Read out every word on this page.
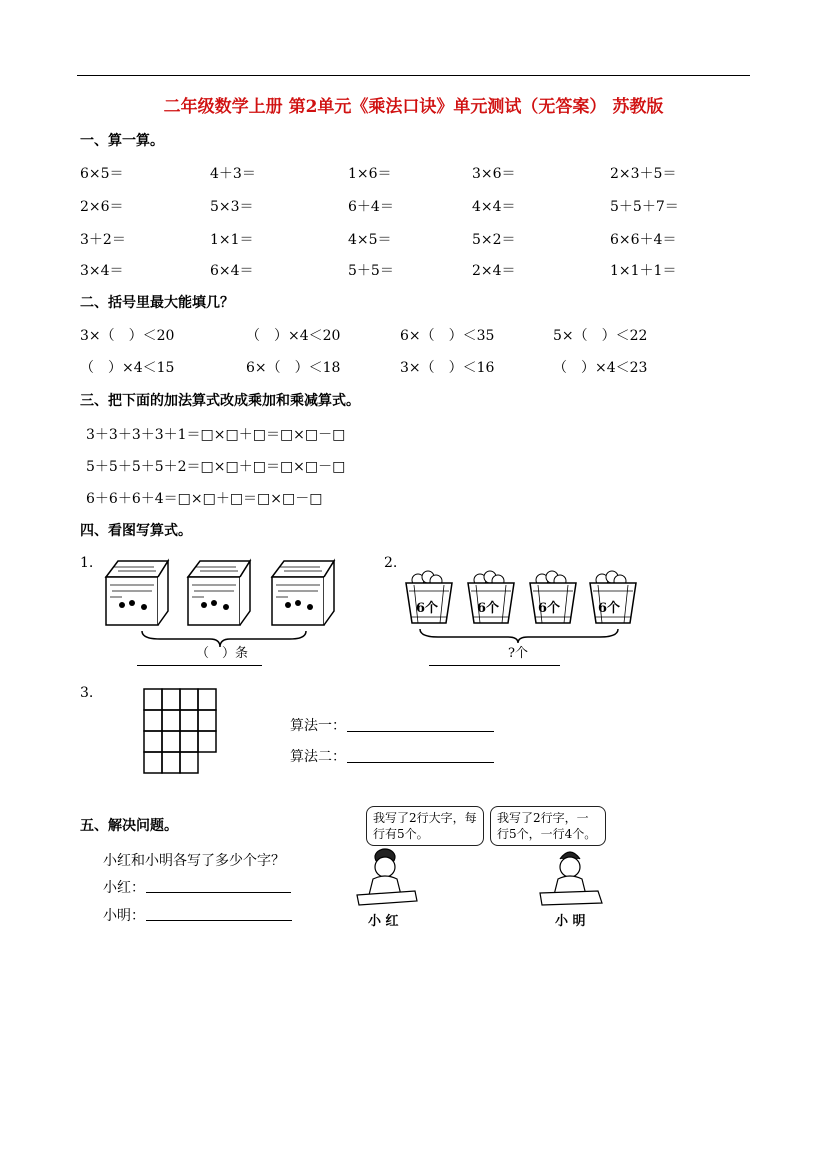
二年级数学上册 第2单元《乘法口诀》单元测试（无答案） 苏教版
一、算一算。
6×5＝	4＋3＝	1×6＝	3×6＝	2×3＋5＝
2×6＝	5×3＝	6＋4＝	4×4＝	5＋5＋7＝
3＋2＝	1×1＝	4×5＝	5×2＝	6×6＋4＝
3×4＝	6×4＝	5＋5＝	2×4＝	1×1＋1＝
二、括号里最大能填几？
3×（　）＜20	（　）×4＜20	6×（　）＜35	5×（　）＜22
（　）×4＜15	6×（　）＜18	3×（　）＜16	（　）×4＜23
三、把下面的加法算式改成乘加和乘减算式。
3＋3＋3＋3＋1＝□×□＋□＝□×□－□
5＋5＋5＋5＋2＝□×□＋□＝□×□－□
6＋6＋6＋4＝□×□＋□＝□×□－□
四、看图写算式。
1.	2.
3.
（　）条
6个	6个	6个	6个
?个
算法一：
算法二：
五、解决问题。
小红和小明各写了多少个字？
小红：
小明：
我写了2行大字，每行有5个。
我写了2行字，一行5个，一行4个。
小 红	小 明
